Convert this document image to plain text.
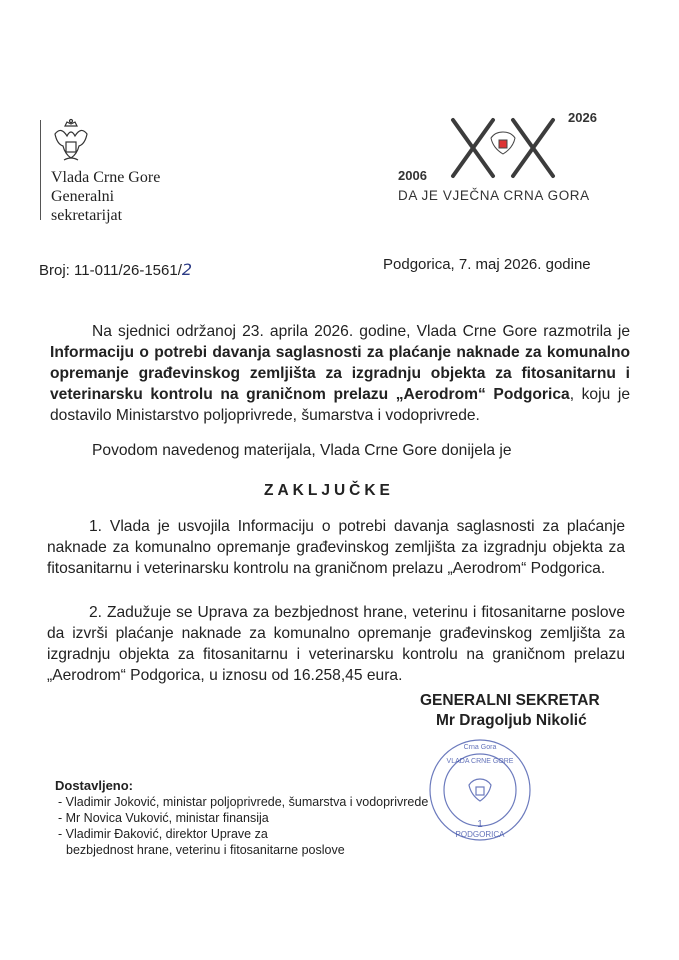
Vlada Crne Gore
Generalni
sekretarijat
2026
2006
DA JE VJEČNA CRNA GORA
Broj: 11-011/26-1561/2	Podgorica, 7. maj 2026. godine
Na sjednici održanoj 23. aprila 2026. godine, Vlada Crne Gore razmotrila je Informaciju o potrebi davanja saglasnosti za plaćanje naknade za komunalno opremanje građevinskog zemljišta za izgradnju objekta za fitosanitarnu i veterinarsku kontrolu na graničnom prelazu „Aerodrom“ Podgorica, koju je dostavilo Ministarstvo poljoprivrede, šumarstva i vodoprivrede.
Povodom navedenog materijala, Vlada Crne Gore donijela je
ZAKLJUČKE
1. Vlada je usvojila Informaciju o potrebi davanja saglasnosti za plaćanje naknade za komunalno opremanje građevinskog zemljišta za izgradnju objekta za fitosanitarnu i veterinarsku kontrolu na graničnom prelazu „Aerodrom“ Podgorica.
2. Zadužuje se Uprava za bezbjednost hrane, veterinu i fitosanitarne poslove da izvrši plaćanje naknade za komunalno opremanje građevinskog zemljišta za izgradnju objekta za fitosanitarnu i veterinarsku kontrolu na graničnom prelazu „Aerodrom“ Podgorica, u iznosu od 16.258,45 eura.
GENERALNI SEKRETAR
Mr Dragoljub Nikolić
1
PODGORICA
Crna Gora
VLADA CRNE GORE
Dostavljeno:
- Vladimir Joković, ministar poljoprivrede, šumarstva i vodoprivrede
- Mr Novica Vuković, ministar finansija
- Vladimir Đaković, direktor Uprave za
bezbjednost hrane, veterinu i fitosanitarne poslove
